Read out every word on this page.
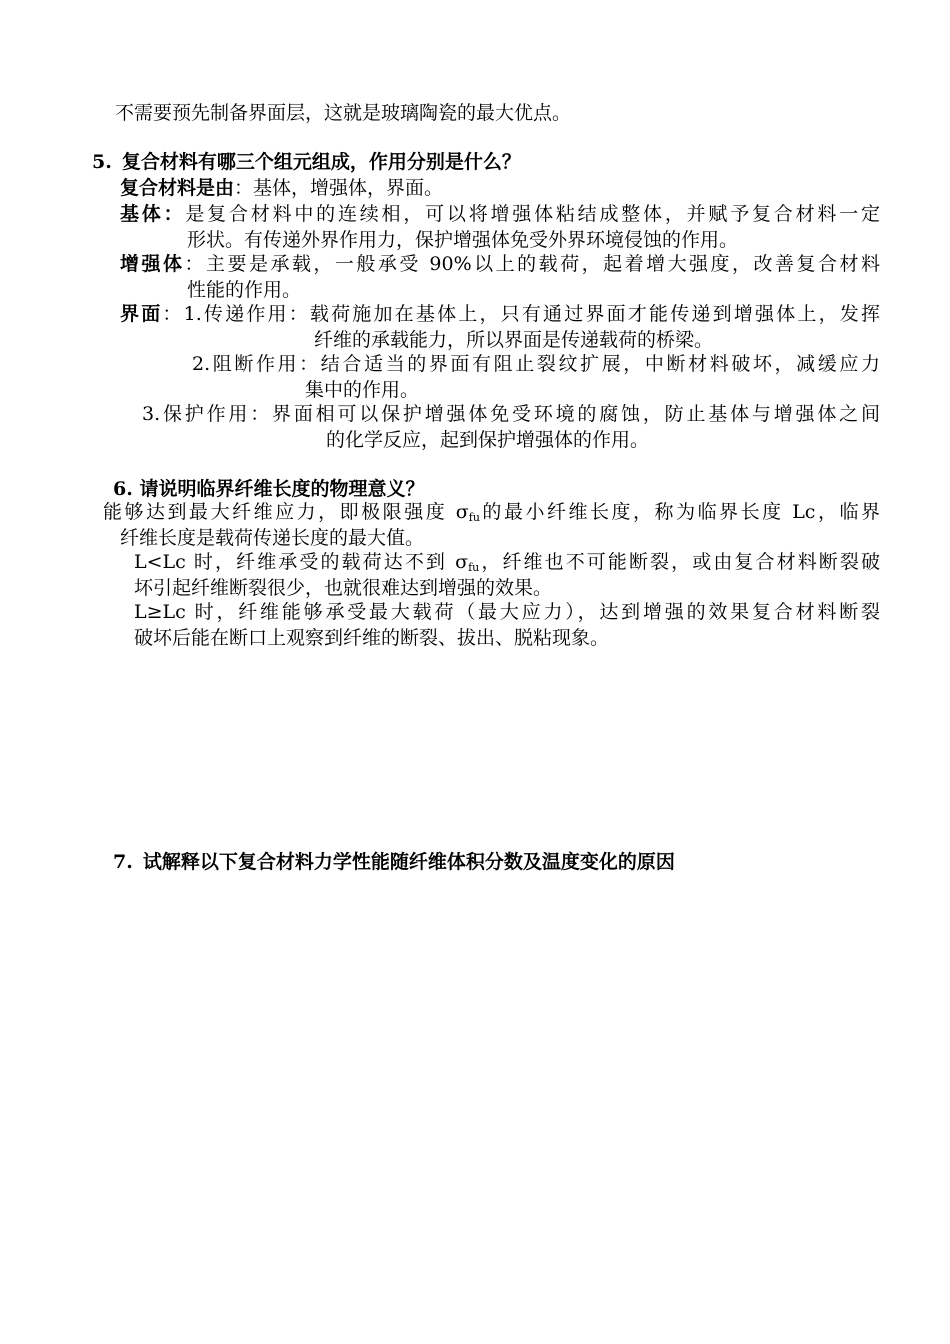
不需要预先制备界面层，这就是玻璃陶瓷的最大优点。
5. 复合材料有哪三个组元组成，作用分别是什么？
复合材料是由：基体，增强体，界面。
基体：是复合材料中的连续相，可以将增强体粘结成整体，并赋予复合材料一定
形状。有传递外界作用力，保护增强体免受外界环境侵蚀的作用。
增强体：主要是承载，一般承受 90%以上的载荷，起着增大强度，改善复合材料
性能的作用。
界面：1.传递作用：载荷施加在基体上，只有通过界面才能传递到增强体上，发挥
纤维的承载能力，所以界面是传递载荷的桥梁。
2.阻断作用：结合适当的界面有阻止裂纹扩展，中断材料破坏，减缓应力
集中的作用。
3.保护作用：界面相可以保护增强体免受环境的腐蚀，防止基体与增强体之间
的化学反应，起到保护增强体的作用。
6. 请说明临界纤维长度的物理意义？
能够达到最大纤维应力，即极限强度 $\sigma_{fu}$的最小纤维长度，称为临界长度 Lc，临界
纤维长度是载荷传递长度的最大值。
L<Lc 时，纤维承受的载荷达不到 $\sigma_{fu}$，纤维也不可能断裂，或由复合材料断裂破
坏引起纤维断裂很少，也就很难达到增强的效果。
L≥Lc 时，纤维能够承受最大载荷（最大应力），达到增强的效果复合材料断裂
破坏后能在断口上观察到纤维的断裂、拔出、脱粘现象。
7. 试解释以下复合材料力学性能随纤维体积分数及温度变化的原因
